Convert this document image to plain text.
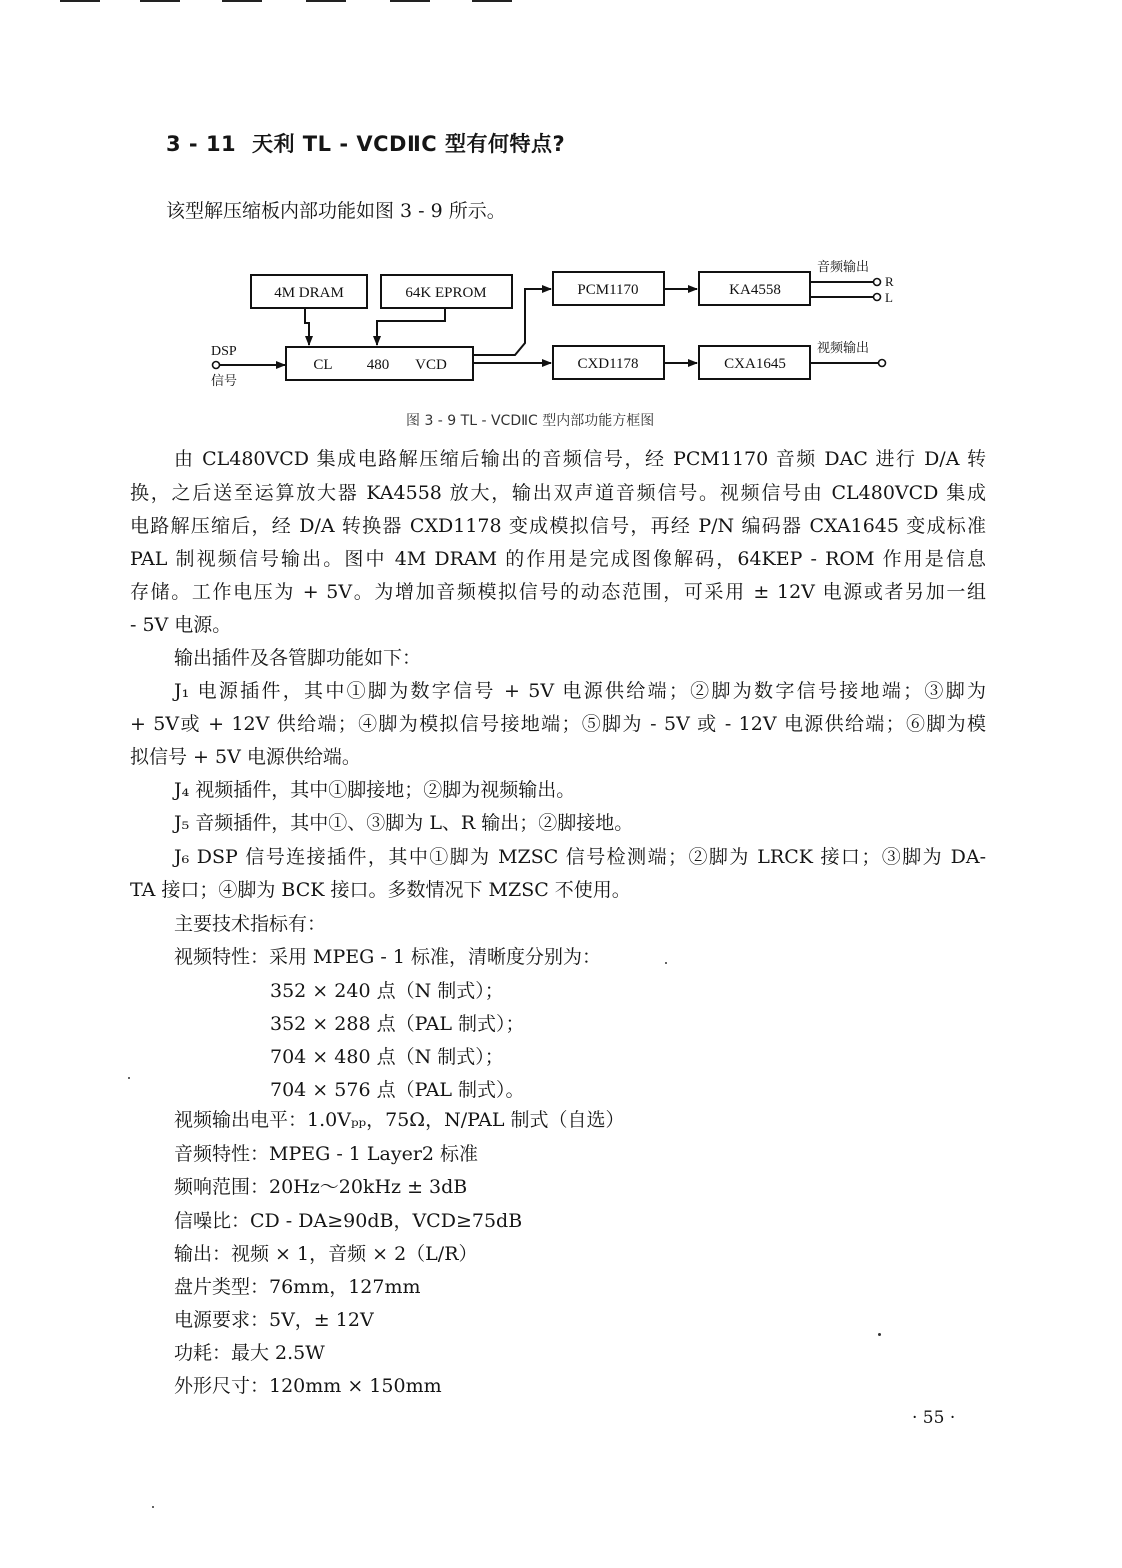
3 - 11 天利 TL - VCDⅡC 型有何特点?
该型解压缩板内部功能如图 3 - 9 所示。
4M DRAM	64K EPROM
CL 480 VCD
PCM1170	KA4558
CXD1178	CXA1645
DSP
信号
音频输出
R
L
视频输出
图 3 - 9 TL - VCDⅡC 型内部功能方框图
由 CL480VCD 集成电路解压缩后输出的音频信号，经 PCM1170 音频 DAC 进行 D/A 转
换，之后送至运算放大器 KA4558 放大，输出双声道音频信号。视频信号由 CL480VCD 集成
电路解压缩后，经 D/A 转换器 CXD1178 变成模拟信号，再经 P/N 编码器 CXA1645 变成标准
PAL 制视频信号输出。图中 4M DRAM 的作用是完成图像解码，64KEP - ROM 作用是信息
存储。工作电压为 + 5V。为增加音频模拟信号的动态范围，可采用 ± 12V 电源或者另加一组
- 5V 电源。
输出插件及各管脚功能如下：
J₁ 电源插件，其中①脚为数字信号 + 5V 电源供给端；②脚为数字信号接地端；③脚为
+ 5V或 + 12V 供给端；④脚为模拟信号接地端；⑤脚为 - 5V 或 - 12V 电源供给端；⑥脚为模
拟信号 + 5V 电源供给端。
J₄ 视频插件，其中①脚接地；②脚为视频输出。
J₅ 音频插件，其中①、③脚为 L、R 输出；②脚接地。
J₆ DSP 信号连接插件，其中①脚为 MZSC 信号检测端；②脚为 LRCK 接口；③脚为 DA-
TA 接口；④脚为 BCK 接口。多数情况下 MZSC 不使用。
主要技术指标有：
视频特性：采用 MPEG - 1 标准，清晰度分别为：
352 × 240 点（N 制式）；
352 × 288 点（PAL 制式）；
704 × 480 点（N 制式）；
704 × 576 点（PAL 制式）。
视频输出电平：1.0Vₚₚ，75Ω，N/PAL 制式（自选）
音频特性：MPEG - 1 Layer2 标准
频响范围：20Hz～20kHz ± 3dB
信噪比：CD - DA≥90dB，VCD≥75dB
输出：视频 × 1，音频 × 2（L/R）
盘片类型：76mm，127mm
电源要求：5V，± 12V
功耗：最大 2.5W
外形尺寸：120mm × 150mm
· 55 ·
